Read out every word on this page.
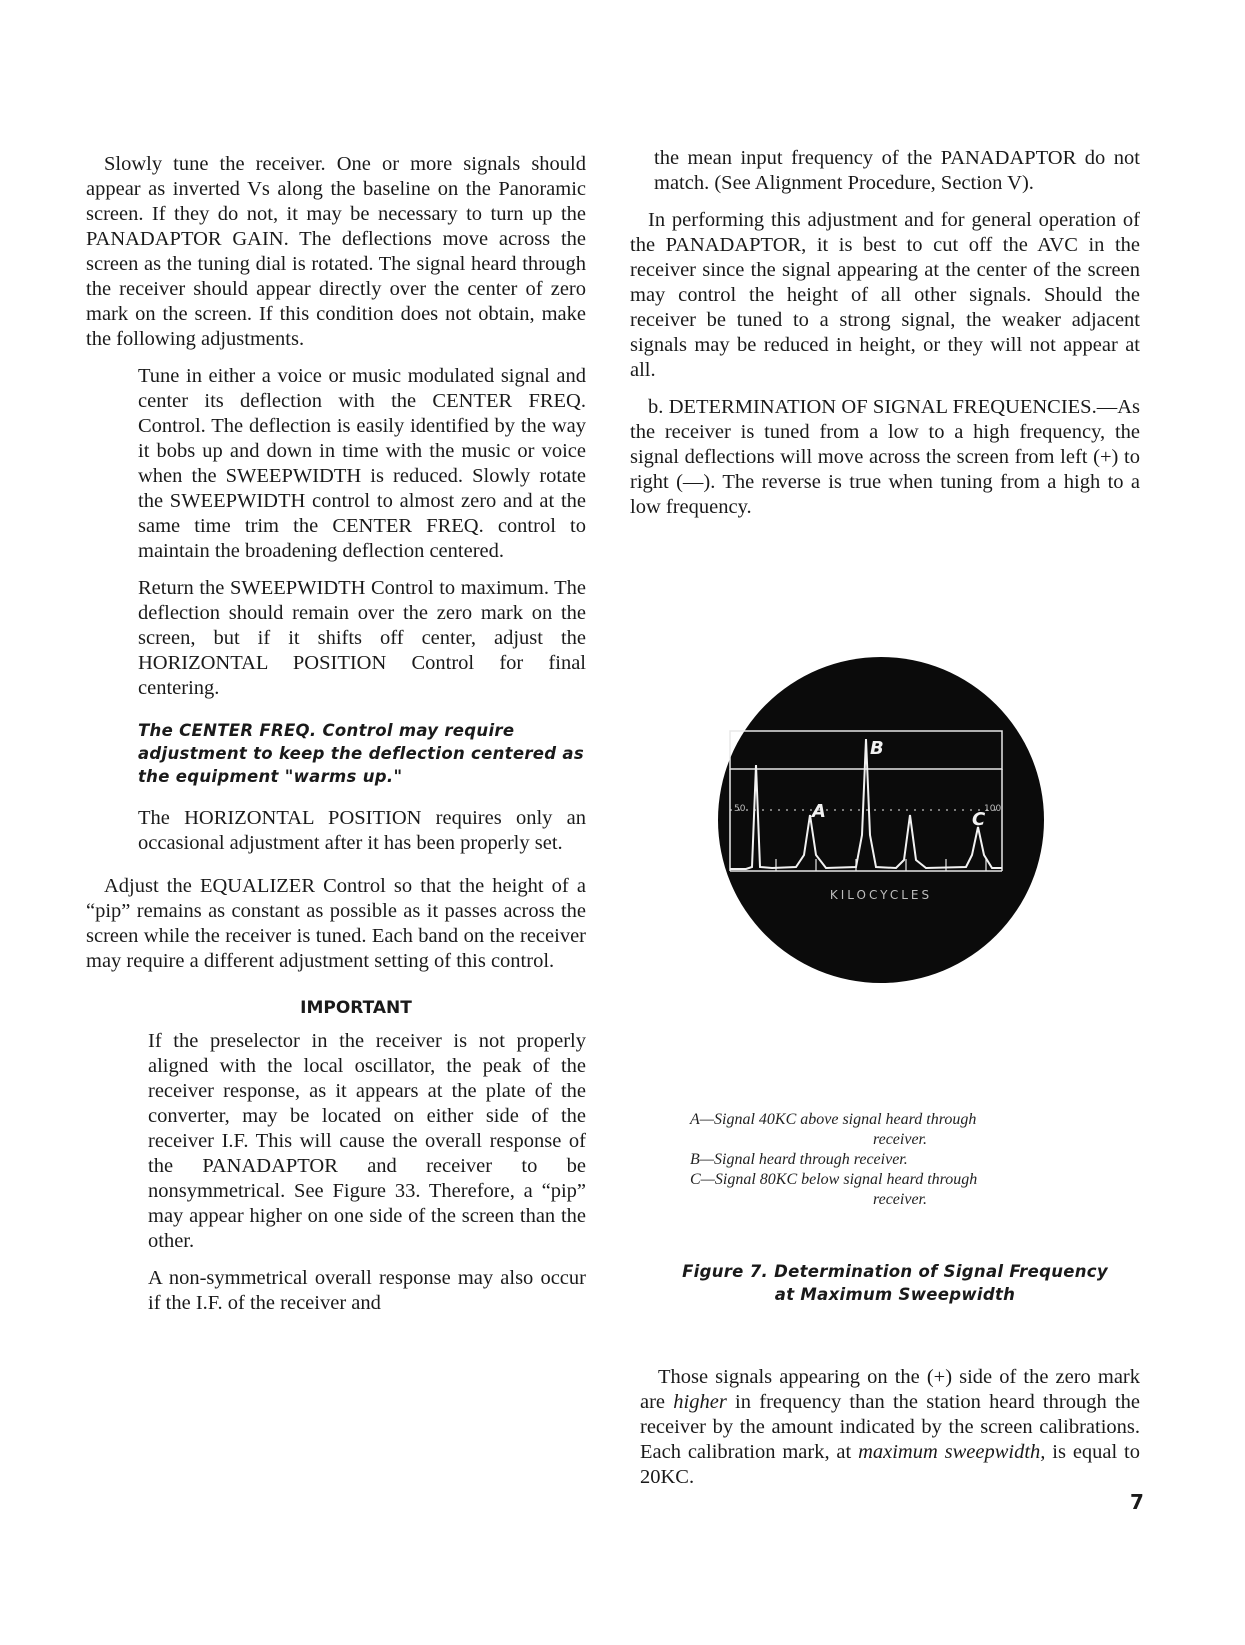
Slowly tune the receiver. One or more signals should appear as inverted Vs along the baseline on the Panoramic screen. If they do not, it may be necessary to turn up the PANADAPTOR GAIN. The deflections move across the screen as the tuning dial is rotated. The signal heard through the receiver should appear directly over the center of zero mark on the screen. If this condition does not obtain, make the following adjustments.

Tune in either a voice or music modulated signal and center its deflection with the CENTER FREQ. Control. The deflection is easily identified by the way it bobs up and down in time with the music or voice when the SWEEPWIDTH is reduced. Slowly rotate the SWEEPWIDTH control to almost zero and at the same time trim the CENTER FREQ. control to maintain the broadening deflection centered.

Return the SWEEPWIDTH Control to maximum. The deflection should remain over the zero mark on the screen, but if it shifts off center, adjust the HORIZONTAL POSITION Control for final centering.

The CENTER FREQ. Control may require adjustment to keep the deflection centered as the equipment "warms up."

The HORIZONTAL POSITION requires only an occasional adjustment after it has been properly set.

Adjust the EQUALIZER Control so that the height of a “pip” remains as constant as possible as it passes across the screen while the receiver is tuned. Each band on the receiver may require a different adjustment setting of this control.

IMPORTANT

If the preselector in the receiver is not properly aligned with the local oscillator, the peak of the receiver response, as it appears at the plate of the converter, may be located on either side of the receiver I.F. This will cause the overall response of the PANADAPTOR and receiver to be nonsymmetrical. See Figure 33. Therefore, a “pip” may appear higher on one side of the screen than the other.

A non-symmetrical overall response may also occur if the I.F. of the receiver and

the mean input frequency of the PANADAPTOR do not match. (See Alignment Procedure, Section V).

In performing this adjustment and for general operation of the PANADAPTOR, it is best to cut off the AVC in the receiver since the signal appearing at the center of the screen may control the height of all other signals. Should the receiver be tuned to a strong signal, the weaker adjacent signals may be reduced in height, or they will not appear at all.

b. DETERMINATION OF SIGNAL FREQUENCIES.—As the receiver is tuned from a low to a high frequency, the signal deflections will move across the screen from left (+) to right (—). The reverse is true when tuning from a high to a low frequency.

B
A	C
50	100
KILOCYCLES
A—Signal 40KC above signal heard through
receiver.
B—Signal heard through receiver.
C—Signal 80KC below signal heard through
receiver.
Figure 7. Determination of Signal Frequency
at Maximum Sweepwidth

Those signals appearing on the (+) side of the zero mark are higher in frequency than the station heard through the receiver by the amount indicated by the screen calibrations. Each calibration mark, at maximum sweepwidth, is equal to 20KC.

7
